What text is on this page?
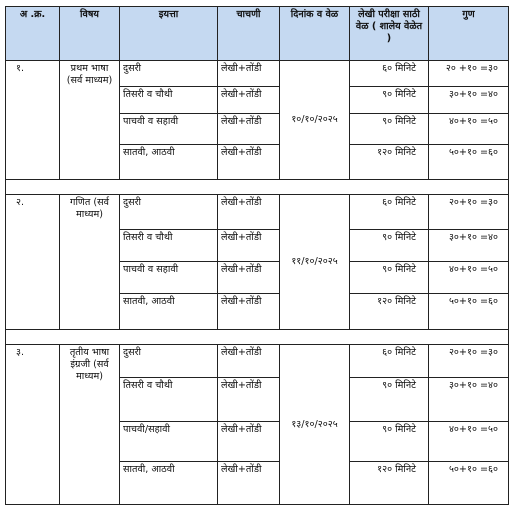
अ .क्र.	विषय	इयत्ता	चाचणी	दिनांक व वेळ	लेखी परीक्षा साठी वेळ ( शालेय वेळेत )	गुण
१.	प्रथम भाषा (सर्व माध्यम)	दुसरी	लेखी+तोंडी	१०/१०/२०२५	६० मिनिटे	२० +१० =३०
		तिसरी व चौथी	लेखी+तोंडी		९० मिनिटे	३०+१० =४०
		पाचवी व सहावी	लेखी+तोंडी		९० मिनिटे	४०+१० =५०
		सातवी, आठवी	लेखी+तोंडी		१२० मिनिटे	५०+१० =६०

२.	गणित (सर्व माध्यम)	दुसरी	लेखी+तोंडी	११/१०/२०२५	६० मिनिटे	२०+१० =३०
		तिसरी व चौथी	लेखी+तोंडी		९० मिनिटे	३०+१० =४०
		पाचवी व सहावी	लेखी+तोंडी		९० मिनिटे	४०+१० =५०
		सातवी, आठवी	लेखी+तोंडी		१२० मिनिटे	५०+१० =६०

३.	तृतीय भाषा इंग्रजी (सर्व माध्यम)	दुसरी	लेखी+तोंडी	१३/१०/२०२५	६० मिनिटे	२०+१० =३०
		तिसरी व चौथी	लेखी+तोंडी		९० मिनिटे	३०+१० =४०
		पाचवी/सहावी	लेखी+तोंडी		९० मिनिटे	४०+१० =५०
		सातवी, आठवी	लेखी+तोंडी		१२० मिनिटे	५०+१० =६०
